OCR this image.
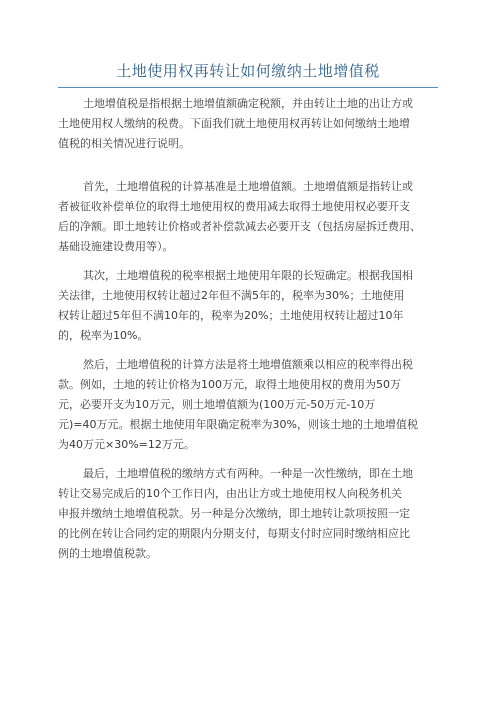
土地使用权再转让如何缴纳土地增值税
土地增值税是指根据土地增值额确定税额，并由转让土地的出让方或
土地使用权人缴纳的税费。下面我们就土地使用权再转让如何缴纳土地增
值税的相关情况进行说明。
首先，土地增值税的计算基准是土地增值额。土地增值额是指转让或
者被征收补偿单位的取得土地使用权的费用减去取得土地使用权必要开支
后的净额。即土地转让价格或者补偿款减去必要开支（包括房屋拆迁费用、
基础设施建设费用等）。
其次，土地增值税的税率根据土地使用年限的长短确定。根据我国相
关法律，土地使用权转让超过2年但不满5年的，税率为30%；土地使用
权转让超过5年但不满10年的，税率为20%；土地使用权转让超过10年
的，税率为10%。
然后，土地增值税的计算方法是将土地增值额乘以相应的税率得出税
款。例如，土地的转让价格为100万元，取得土地使用权的费用为50万
元，必要开支为10万元，则土地增值额为(100万元-50万元-10万
元)=40万元。根据土地使用年限确定税率为30%，则该土地的土地增值税
为40万元×30%=12万元。
最后，土地增值税的缴纳方式有两种。一种是一次性缴纳，即在土地
转让交易完成后的10个工作日内，由出让方或土地使用权人向税务机关
申报并缴纳土地增值税款。另一种是分次缴纳，即土地转让款项按照一定
的比例在转让合同约定的期限内分期支付，每期支付时应同时缴纳相应比
例的土地增值税款。
